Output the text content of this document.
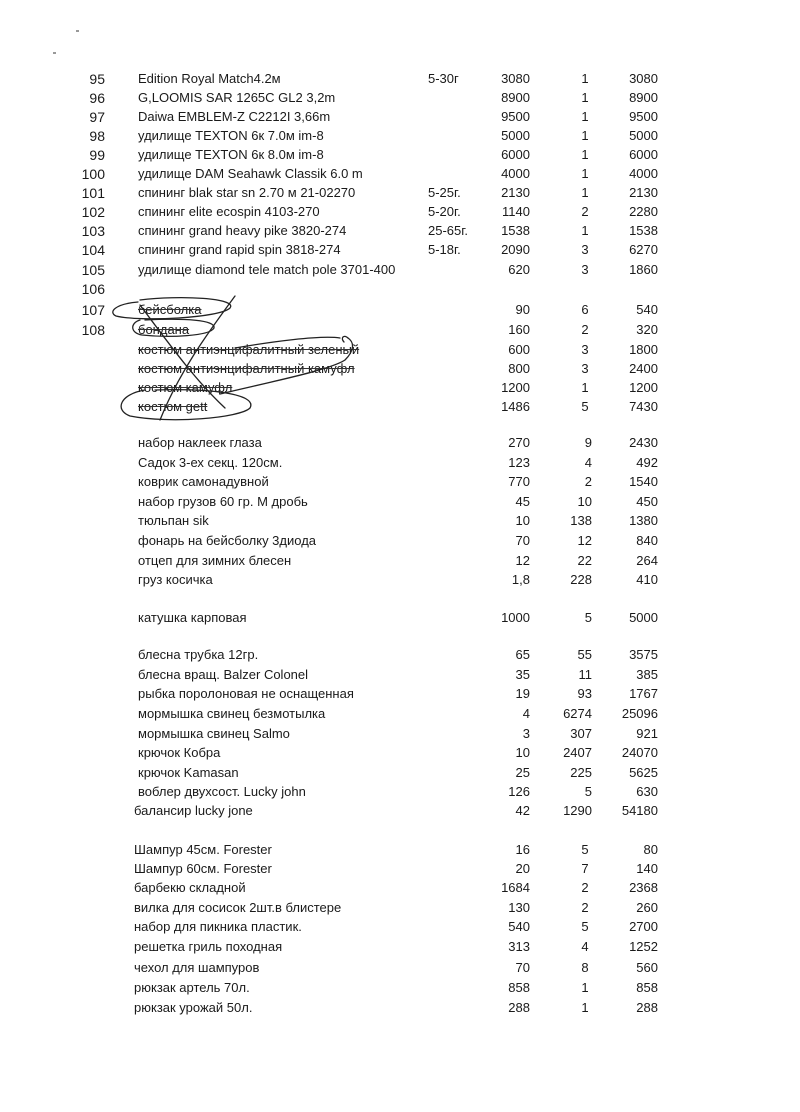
95	Edition Royal Match4.2м	5-30г	3080	1	3080
96	G,LOOMIS SAR 1265C GL2 3,2m	8900	1	8900
97	Daiwa EMBLEM-Z C2212I 3,66m	9500	1	9500
98	удилище TEXTON 6к 7.0м im-8	5000	1	5000
99	удилище TEXTON 6к 8.0м im-8	6000	1	6000
100	удилище DAM Seahawk Classik 6.0 m	4000	1	4000
101	спининг blak star sn 2.70 м 21-02270	5-25г.	2130	1	2130
102	спининг elite ecospin 4103-270	5-20г.	1140	2	2280
103	спининг grand heavy pike 3820-274	25-65г.	1538	1	1538
104	спининг grand rapid spin 3818-274	5-18г.	2090	3	6270
105	удилище diamond tele match pole 3701-400	620	3	1860
106
107	бейсболка	90	6	540
108	бондана	160	2	320
костюм антиэнцифалитный зеленый	600	3	1800
костюм антиэнцифалитный камуфл	800	3	2400
костюм камуфл	1200	1	1200
костюм gett	1486	5	7430
набор наклеек глаза	270	9	2430
Садок 3-ех секц. 120см.	123	4	492
коврик самонадувной	770	2	1540
набор грузов 60 гр. М дробь	45	10	450
тюльпан sik	10	138	1380
фонарь на бейсболку 3диода	70	12	840
отцеп для зимних блесен	12	22	264
груз косичка	1,8	228	410
катушка карповая	1000	5	5000
блесна трубка 12гр.	65	55	3575
блесна вращ. Balzer Colonel	35	11	385
рыбка поролоновая не оснащенная	19	93	1767
мормышка свинец безмотылка	4	6274	25096
мормышка свинец Salmo	3	307	921
крючок Кобра	10	2407	24070
крючок Kamasan	25	225	5625
воблер двухсост. Lucky john	126	5	630
балансир lucky jone	42	1290	54180
Шампур 45см. Forester	16	5	80
Шампур 60см. Forester	20	7	140
барбекю складной	1684	2	2368
вилка для сосисок 2шт.в блистере	130	2	260
набор для пикника пластик.	540	5	2700
решетка гриль походная	313	4	1252
чехол для шампуров	70	8	560
рюкзак артель 70л.	858	1	858
рюкзак урожай 50л.	288	1	288
